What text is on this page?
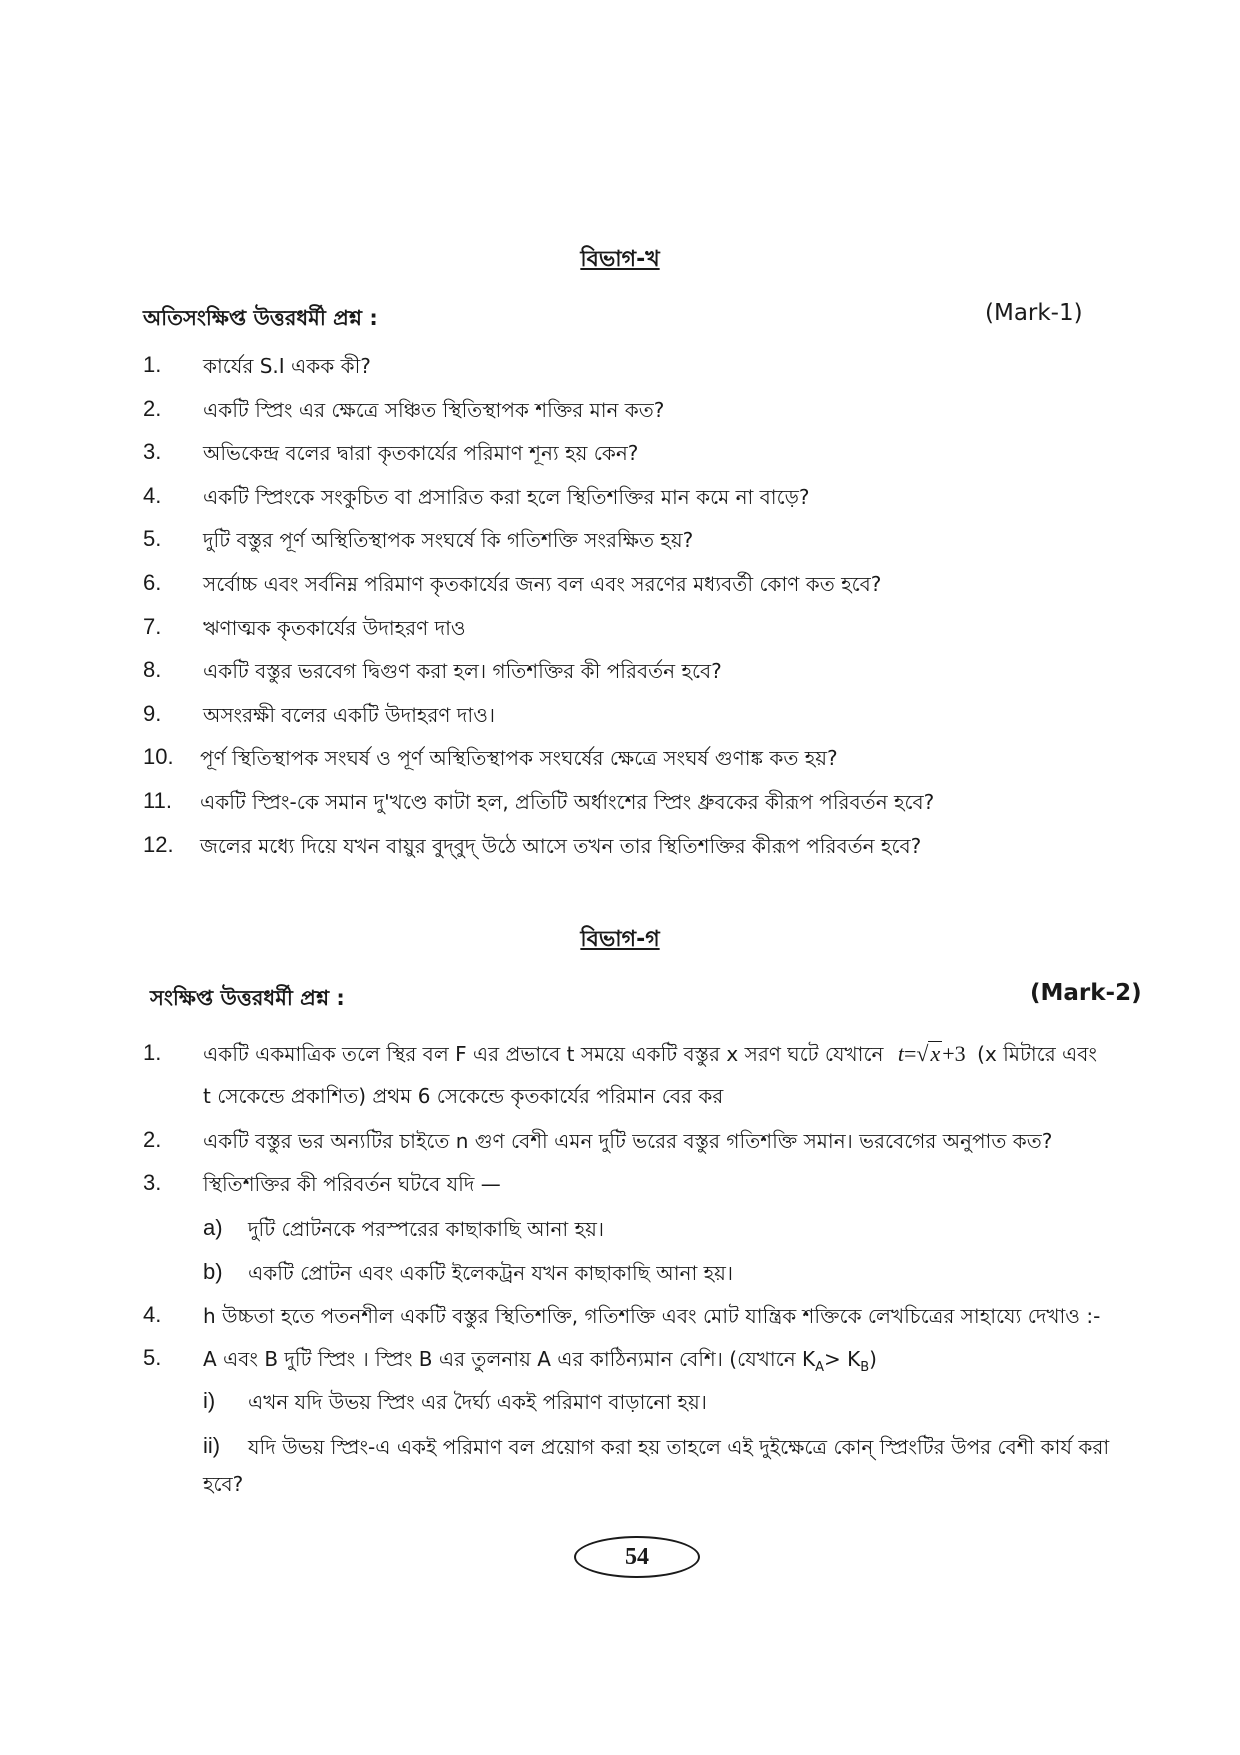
বিভাগ-খ
অতিসংক্ষিপ্ত উত্তরধর্মী প্রশ্ন :	(Mark-1)
1. কার্যের S.I একক কী?
2. একটি স্প্রিং এর ক্ষেত্রে সঞ্চিত স্থিতিস্থাপক শক্তির মান কত?
3. অভিকেন্দ্র বলের দ্বারা কৃতকার্যের পরিমাণ শূন্য হয় কেন?
4. একটি স্প্রিংকে সংকুচিত বা প্রসারিত করা হলে স্থিতিশক্তির মান কমে না বাড়ে?
5. দুটি বস্তুর পূর্ণ অস্থিতিস্থাপক সংঘর্ষে কি গতিশক্তি সংরক্ষিত হয়?
6. সর্বোচ্চ এবং সর্বনিম্ন পরিমাণ কৃতকার্যের জন্য বল এবং সরণের মধ্যবর্তী কোণ কত হবে?
7. ঋণাত্মক কৃতকার্যের উদাহরণ দাও
8. একটি বস্তুর ভরবেগ দ্বিগুণ করা হল। গতিশক্তির কী পরিবর্তন হবে?
9. অসংরক্ষী বলের একটি উদাহরণ দাও।
10. পূর্ণ স্থিতিস্থাপক সংঘর্ষ ও পূর্ণ অস্থিতিস্থাপক সংঘর্ষের ক্ষেত্রে সংঘর্ষ গুণাঙ্ক কত হয়?
11. একটি স্প্রিং-কে সমান দু'খণ্ডে কাটা হল, প্রতিটি অর্ধাংশের স্প্রিং ধ্রুবকের কীরূপ পরিবর্তন হবে?
12. জলের মধ্যে দিয়ে যখন বায়ুর বুদ্‌বুদ্‌ উঠে আসে তখন তার স্থিতিশক্তির কীরূপ পরিবর্তন হবে?
বিভাগ-গ
সংক্ষিপ্ত উত্তরধর্মী প্রশ্ন :	(Mark-2)
1. একটি একমাত্রিক তলে স্থির বল F এর প্রভাবে t সময়ে একটি বস্তুর x সরণ ঘটে যেখানে t=√x+3 (x মিটারে এবং
t সেকেন্ডে প্রকাশিত) প্রথম 6 সেকেন্ডে কৃতকার্যের পরিমান বের কর
2. একটি বস্তুর ভর অন্যটির চাইতে n গুণ বেশী এমন দুটি ভরের বস্তুর গতিশক্তি সমান। ভরবেগের অনুপাত কত?
3. স্থিতিশক্তির কী পরিবর্তন ঘটবে যদি —
a) দুটি প্রোটনকে পরস্পরের কাছাকাছি আনা হয়।
b) একটি প্রোটন এবং একটি ইলেকট্রন যখন কাছাকাছি আনা হয়।
4. h উচ্চতা হতে পতনশীল একটি বস্তুর স্থিতিশক্তি, গতিশক্তি এবং মোট যান্ত্রিক শক্তিকে লেখচিত্রের সাহায্যে দেখাও :-
5. A এবং B দুটি স্প্রিং । স্প্রিং B এর তুলনায় A এর কাঠিন্যমান বেশি। (যেখানে $K_A> K_B$)
i) এখন যদি উভয় স্প্রিং এর দৈর্ঘ্য একই পরিমাণ বাড়ানো হয়।
ii) যদি উভয় স্প্রিং-এ একই পরিমাণ বল প্রয়োগ করা হয় তাহলে এই দুইক্ষেত্রে কোন্‌ স্প্রিংটির উপর বেশী কার্য করা
হবে?
54
